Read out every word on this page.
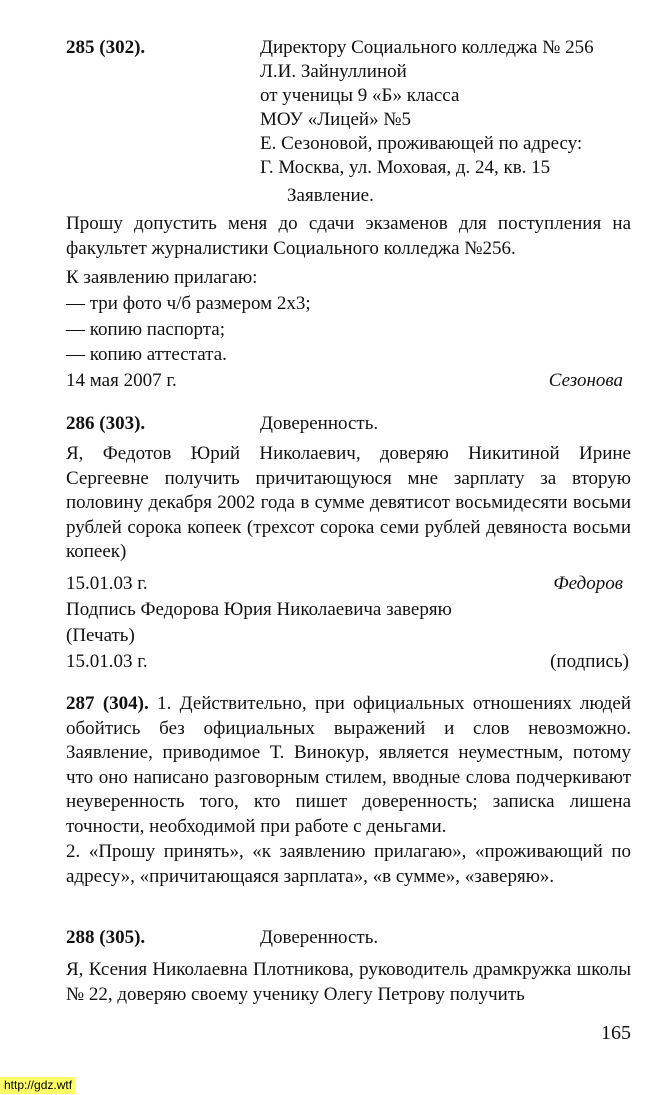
285 (302).	Директору Социального колледжа № 256
Л.И. Зайнуллиной
от ученицы 9 «Б» класса
МОУ «Лицей» №5
Е. Сезоновой, проживающей по адресу:
Г. Москва, ул. Моховая, д. 24, кв. 15
Заявление.
Прошу допустить меня до сдачи экзаменов для поступления на факультет журналистики Социального колледжа №256.
К заявлению прилагаю:
— три фото ч/б размером 2х3;
— копию паспорта;
— копию аттестата.
14 мая 2007 г.	Сезонова
286 (303).	Доверенность.
Я, Федотов Юрий Николаевич, доверяю Никитиной Ирине Сергеевне получить причитающуюся мне зарплату за вторую половину декабря 2002 года в сумме девятисот восьмидесяти восьми рублей сорока копеек (трехсот сорока семи рублей девяноста восьми копеек)
15.01.03 г.	Федоров
Подпись Федорова Юрия Николаевича заверяю
(Печать)
15.01.03 г.	(подпись)
287 (304). 1. Действительно, при официальных отношениях людей обойтись без официальных выражений и слов невозможно. Заявление, приводимое Т. Винокур, является неуместным, потому что оно написано разговорным стилем, вводные слова подчеркивают неуверенность того, кто пишет доверенность; записка лишена точности, необходимой при работе с деньгами.
2. «Прошу принять», «к заявлению прилагаю», «проживающий по адресу», «причитающаяся зарплата», «в сумме», «заверяю».
288 (305).	Доверенность.
Я, Ксения Николаевна Плотникова, руководитель драмкружка школы № 22, доверяю своему ученику Олегу Петрову получить
165
http://gdz.wtf
